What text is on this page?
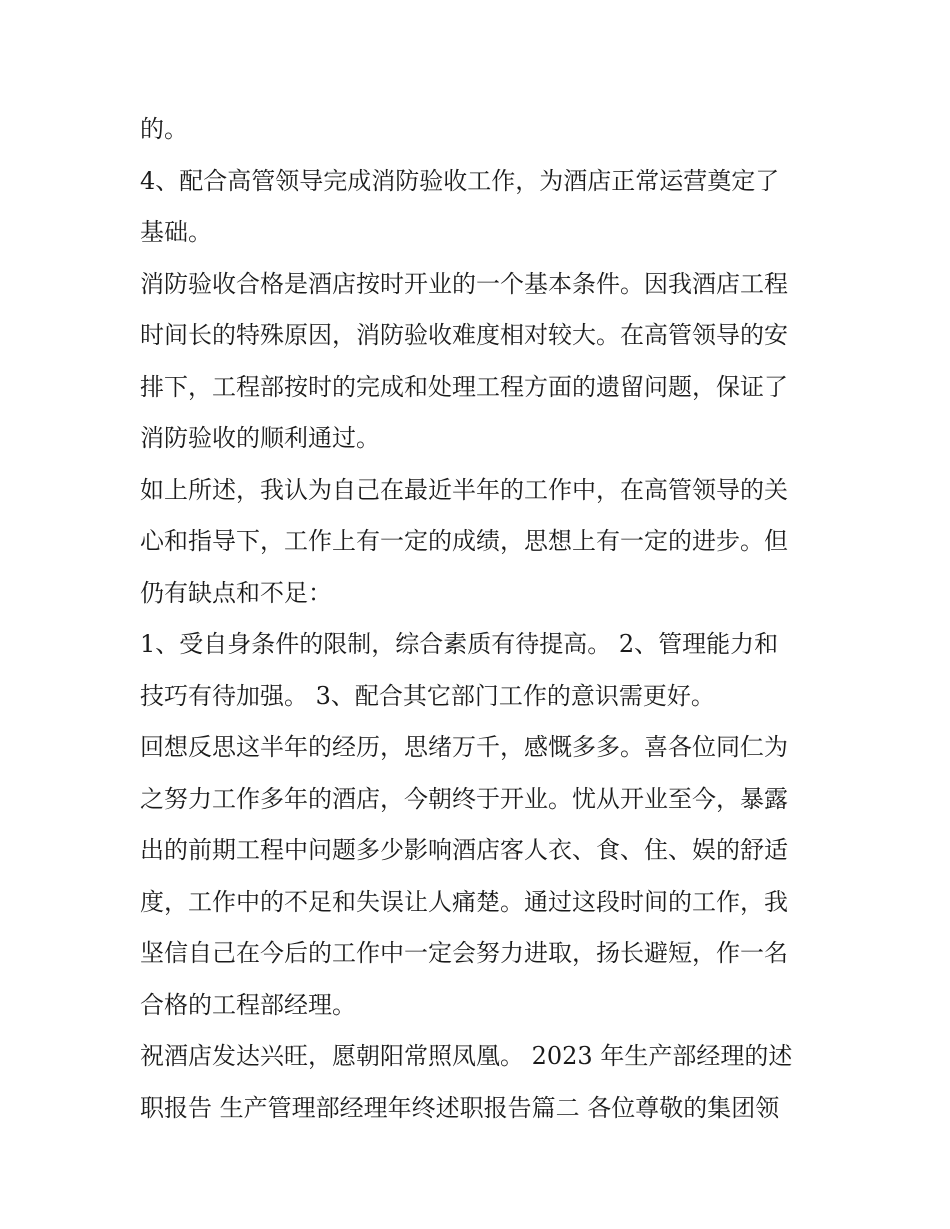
的。
4、配合高管领导完成消防验收工作，为酒店正常运营奠定了
基础。
消防验收合格是酒店按时开业的一个基本条件。因我酒店工程
时间长的特殊原因，消防验收难度相对较大。在高管领导的安
排下，工程部按时的完成和处理工程方面的遗留问题，保证了
消防验收的顺利通过。
如上所述，我认为自己在最近半年的工作中，在高管领导的关
心和指导下，工作上有一定的成绩，思想上有一定的进步。但
仍有缺点和不足：
1、受自身条件的限制，综合素质有待提高。 2、管理能力和
技巧有待加强。 3、配合其它部门工作的意识需更好。
回想反思这半年的经历，思绪万千，感慨多多。喜各位同仁为
之努力工作多年的酒店，今朝终于开业。忧从开业至今，暴露
出的前期工程中问题多少影响酒店客人衣、食、住、娱的舒适
度，工作中的不足和失误让人痛楚。通过这段时间的工作，我
坚信自己在今后的工作中一定会努力进取，扬长避短，作一名
合格的工程部经理。
祝酒店发达兴旺，愿朝阳常照凤凰。 2023 年生产部经理的述
职报告 生产管理部经理年终述职报告篇二 各位尊敬的集团领
